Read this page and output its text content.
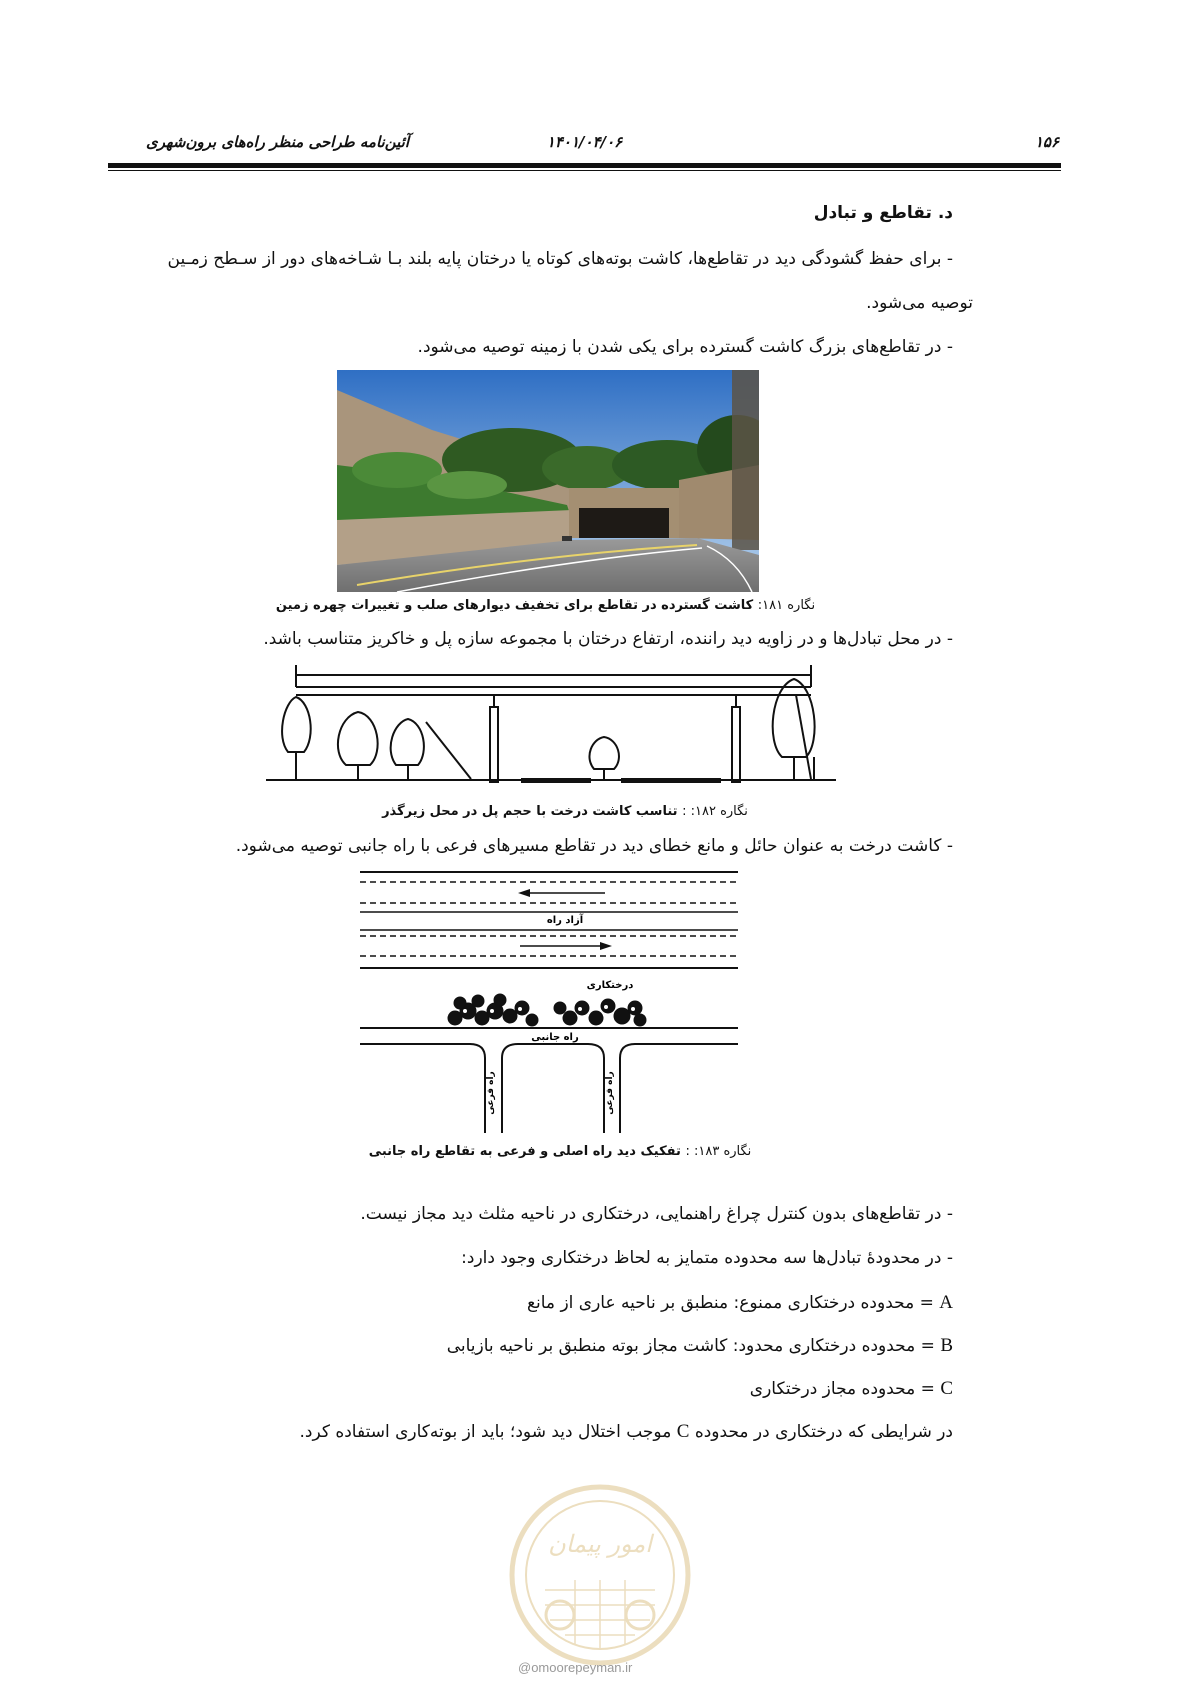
۱۵۶
۱۴۰۱/۰۴/۰۶
آئین‌نامه طراحی منظر راه‌های برون‌شهری
د. تقاطع و تبادل
- برای حفظ گشودگی دید در تقاطع‌ها، کاشت بوته‌های کوتاه یا درختان پایه بلند بـا شـاخه‌های دور از سـطح زمـین
توصیه می‌شود.
- در تقاطع‌های بزرگ کاشت گسترده برای یکی شدن با زمینه توصیه می‌شود.
نگاره ۱۸۱: کاشت گسترده در تقاطع برای تخفیف دیوارهای صلب و تغییرات چهره زمین
- در محل تبادل‌ها و در زاویه دید راننده، ارتفاع درختان با مجموعه سازه پل و خاکریز متناسب باشد.
نگاره ۱۸۲: : تناسب کاشت درخت با حجم پل در محل زیرگذر
- کاشت درخت به عنوان حائل و مانع خطای دید در تقاطع مسیرهای فرعی با راه جانبی توصیه می‌شود.
آزاد راه
درختکاری
راه جانبی
راه فرعی	راه فرعی
نگاره ۱۸۳: : تفکیک دید راه اصلی و فرعی به تقاطع راه جانبی
- در تقاطع‌های بدون کنترل چراغ راهنمایی، درختکاری در ناحیه مثلث دید مجاز نیست.
- در محدودهٔ تبادل‌ها سه محدوده متمایز به لحاظ درختکاری وجود دارد:
A = محدوده درختکاری ممنوع: منطبق بر ناحیه عاری از مانع
B = محدوده درختکاری محدود: کاشت مجاز بوته منطبق بر ناحیه بازیابی
C = محدوده مجاز درختکاری
در شرایطی که درختکاری در محدوده C موجب اختلال دید شود؛ باید از بوته‌کاری استفاده کرد.
امور پیمان
@omoorepeyman.ir
